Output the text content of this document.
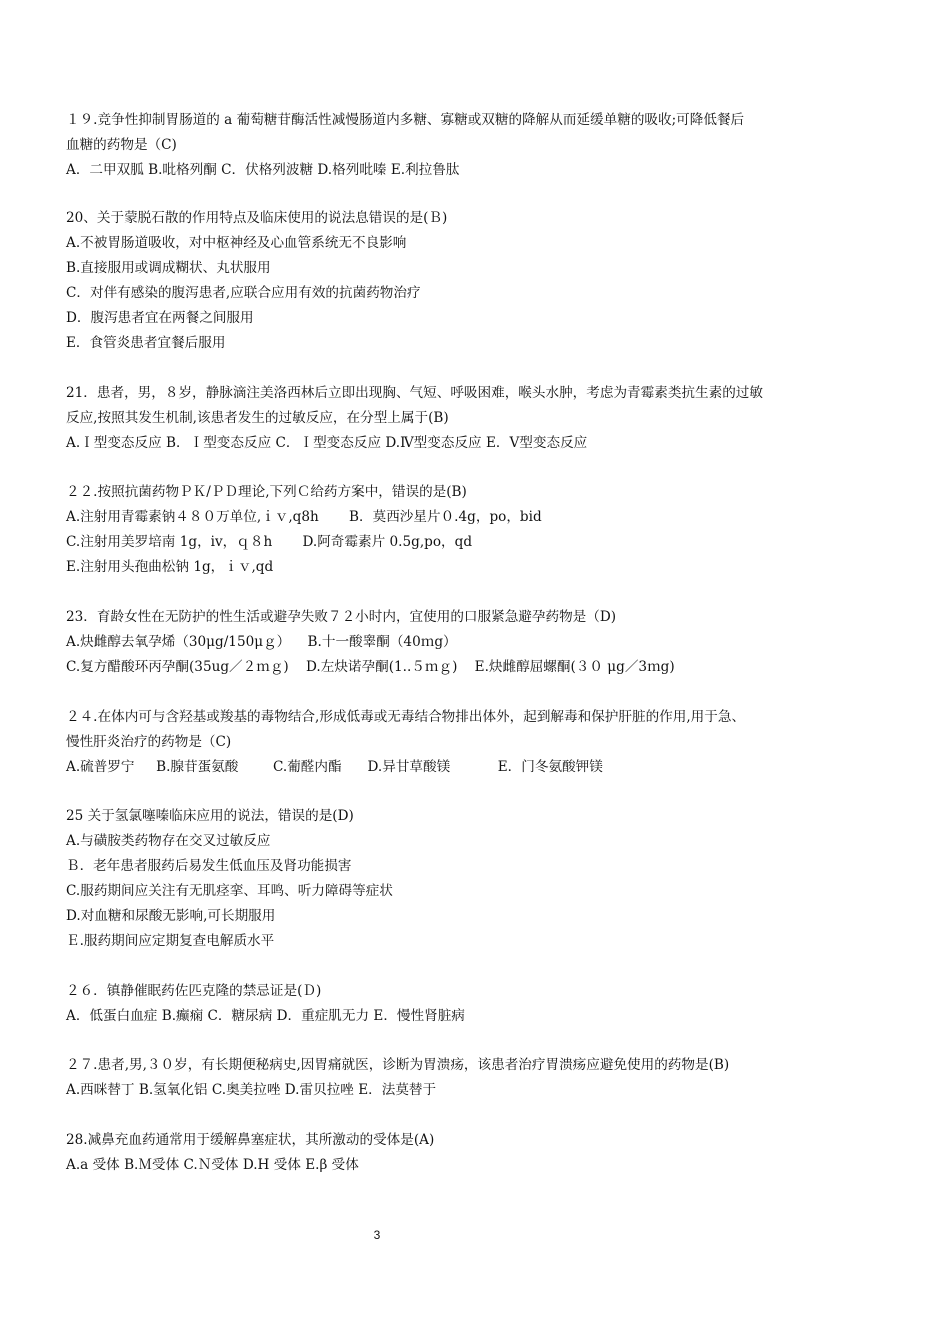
１９.竞争性抑制胃肠道的 a 葡萄糖苷酶活性减慢肠道内多糖、寡糖或双糖的降解从而延缓单糖的吸收;可降低餐后
血糖的药物是（C)
A．二甲双胍 B.吡格列酮 C．伏格列波糖 D.格列吡嗪 E.利拉鲁肽
20、关于蒙脱石散的作用特点及临床使用的说法息错误的是(Ｂ)
A.不被胃肠道吸收，对中枢神经及心血管系统无不良影响
B.直接服用或调成糊状、丸状服用
C．对伴有感染的腹泻患者,应联合应用有效的抗菌药物治疗
D．腹泻患者宜在两餐之间服用
E．食管炎患者宜餐后服用
21．患者，男，８岁，静脉滴注美洛西林后立即出现胸、气短、呼吸困难，喉头水肿，考虑为青霉素类抗生素的过敏
反应,按照其发生机制,该患者发生的过敏反应，在分型上属于(B)
A.Ｉ型变态反应 B．Ｉ型变态反应 C．Ｉ型变态反应 D.Ⅳ型变态反应 E．Ⅴ型变态反应
２２.按照抗菌药物ＰＫ/ＰＤ理论,下列Ｃ给药方案中，错误的是(B)
A.注射用青霉素钠４８０万单位,ｉｖ,q8h       B．莫西沙星片０.4g，po，bid
C.注射用美罗培南 1g，iv，ｑ８h       D.阿奇霉素片 0.5g,po，qd
E.注射用头孢曲松钠 1g，ｉｖ,qd
23．育龄女性在无防护的性生活或避孕失败７２小时内，宜使用的口服紧急避孕药物是（D)
A.炔雌醇去氧孕烯（30μg/150μｇ）    B.十一酸睾酮（40ｍg）
C.复方醋酸环丙孕酮(35ug／２ｍｇ)    D.左炔诺孕酮(1..５ｍｇ)    E.炔雌醇屈螺酮(３０ μg／3ｍg)
２４.在体内可与含羟基或羧基的毒物结合,形成低毒或无毒结合物排出体外，起到解毒和保护肝脏的作用,用于急、
慢性肝炎治疗的药物是（C)
A.硫普罗宁     B.腺苷蛋氨酸        C.葡醛内酯      D.异甘草酸镁           E．门冬氨酸钾镁
25 关于氢氯噻嗪临床应用的说法，错误的是(D)
A.与磺胺类药物存在交叉过敏反应
Ｂ．老年患者服药后易发生低血压及肾功能损害
C.服药期间应关注有无肌痉挛、耳鸣、听力障碍等症状
D.对血糖和尿酸无影响,可长期服用
Ｅ.服药期间应定期复查电解质水平
２６．镇静催眠药佐匹克隆的禁忌证是(Ｄ)
A．低蛋白血症 B.癫痫 C．糖尿病 D．重症肌无力 E．慢性肾脏病
２７.患者,男,３０岁，有长期便秘病史,因胃痛就医，诊断为胃溃疡，该患者治疗胃溃疡应避免使用的药物是(B)
A.西咪替丁 B.氢氧化铝 C.奥美拉唑 D.雷贝拉唑 E．法莫替于
28.减鼻充血药通常用于缓解鼻塞症状，其所激动的受体是(A)
A.a 受体 B.Ｍ受体 C.Ｎ受体 D.H 受体 E.β 受体
3
